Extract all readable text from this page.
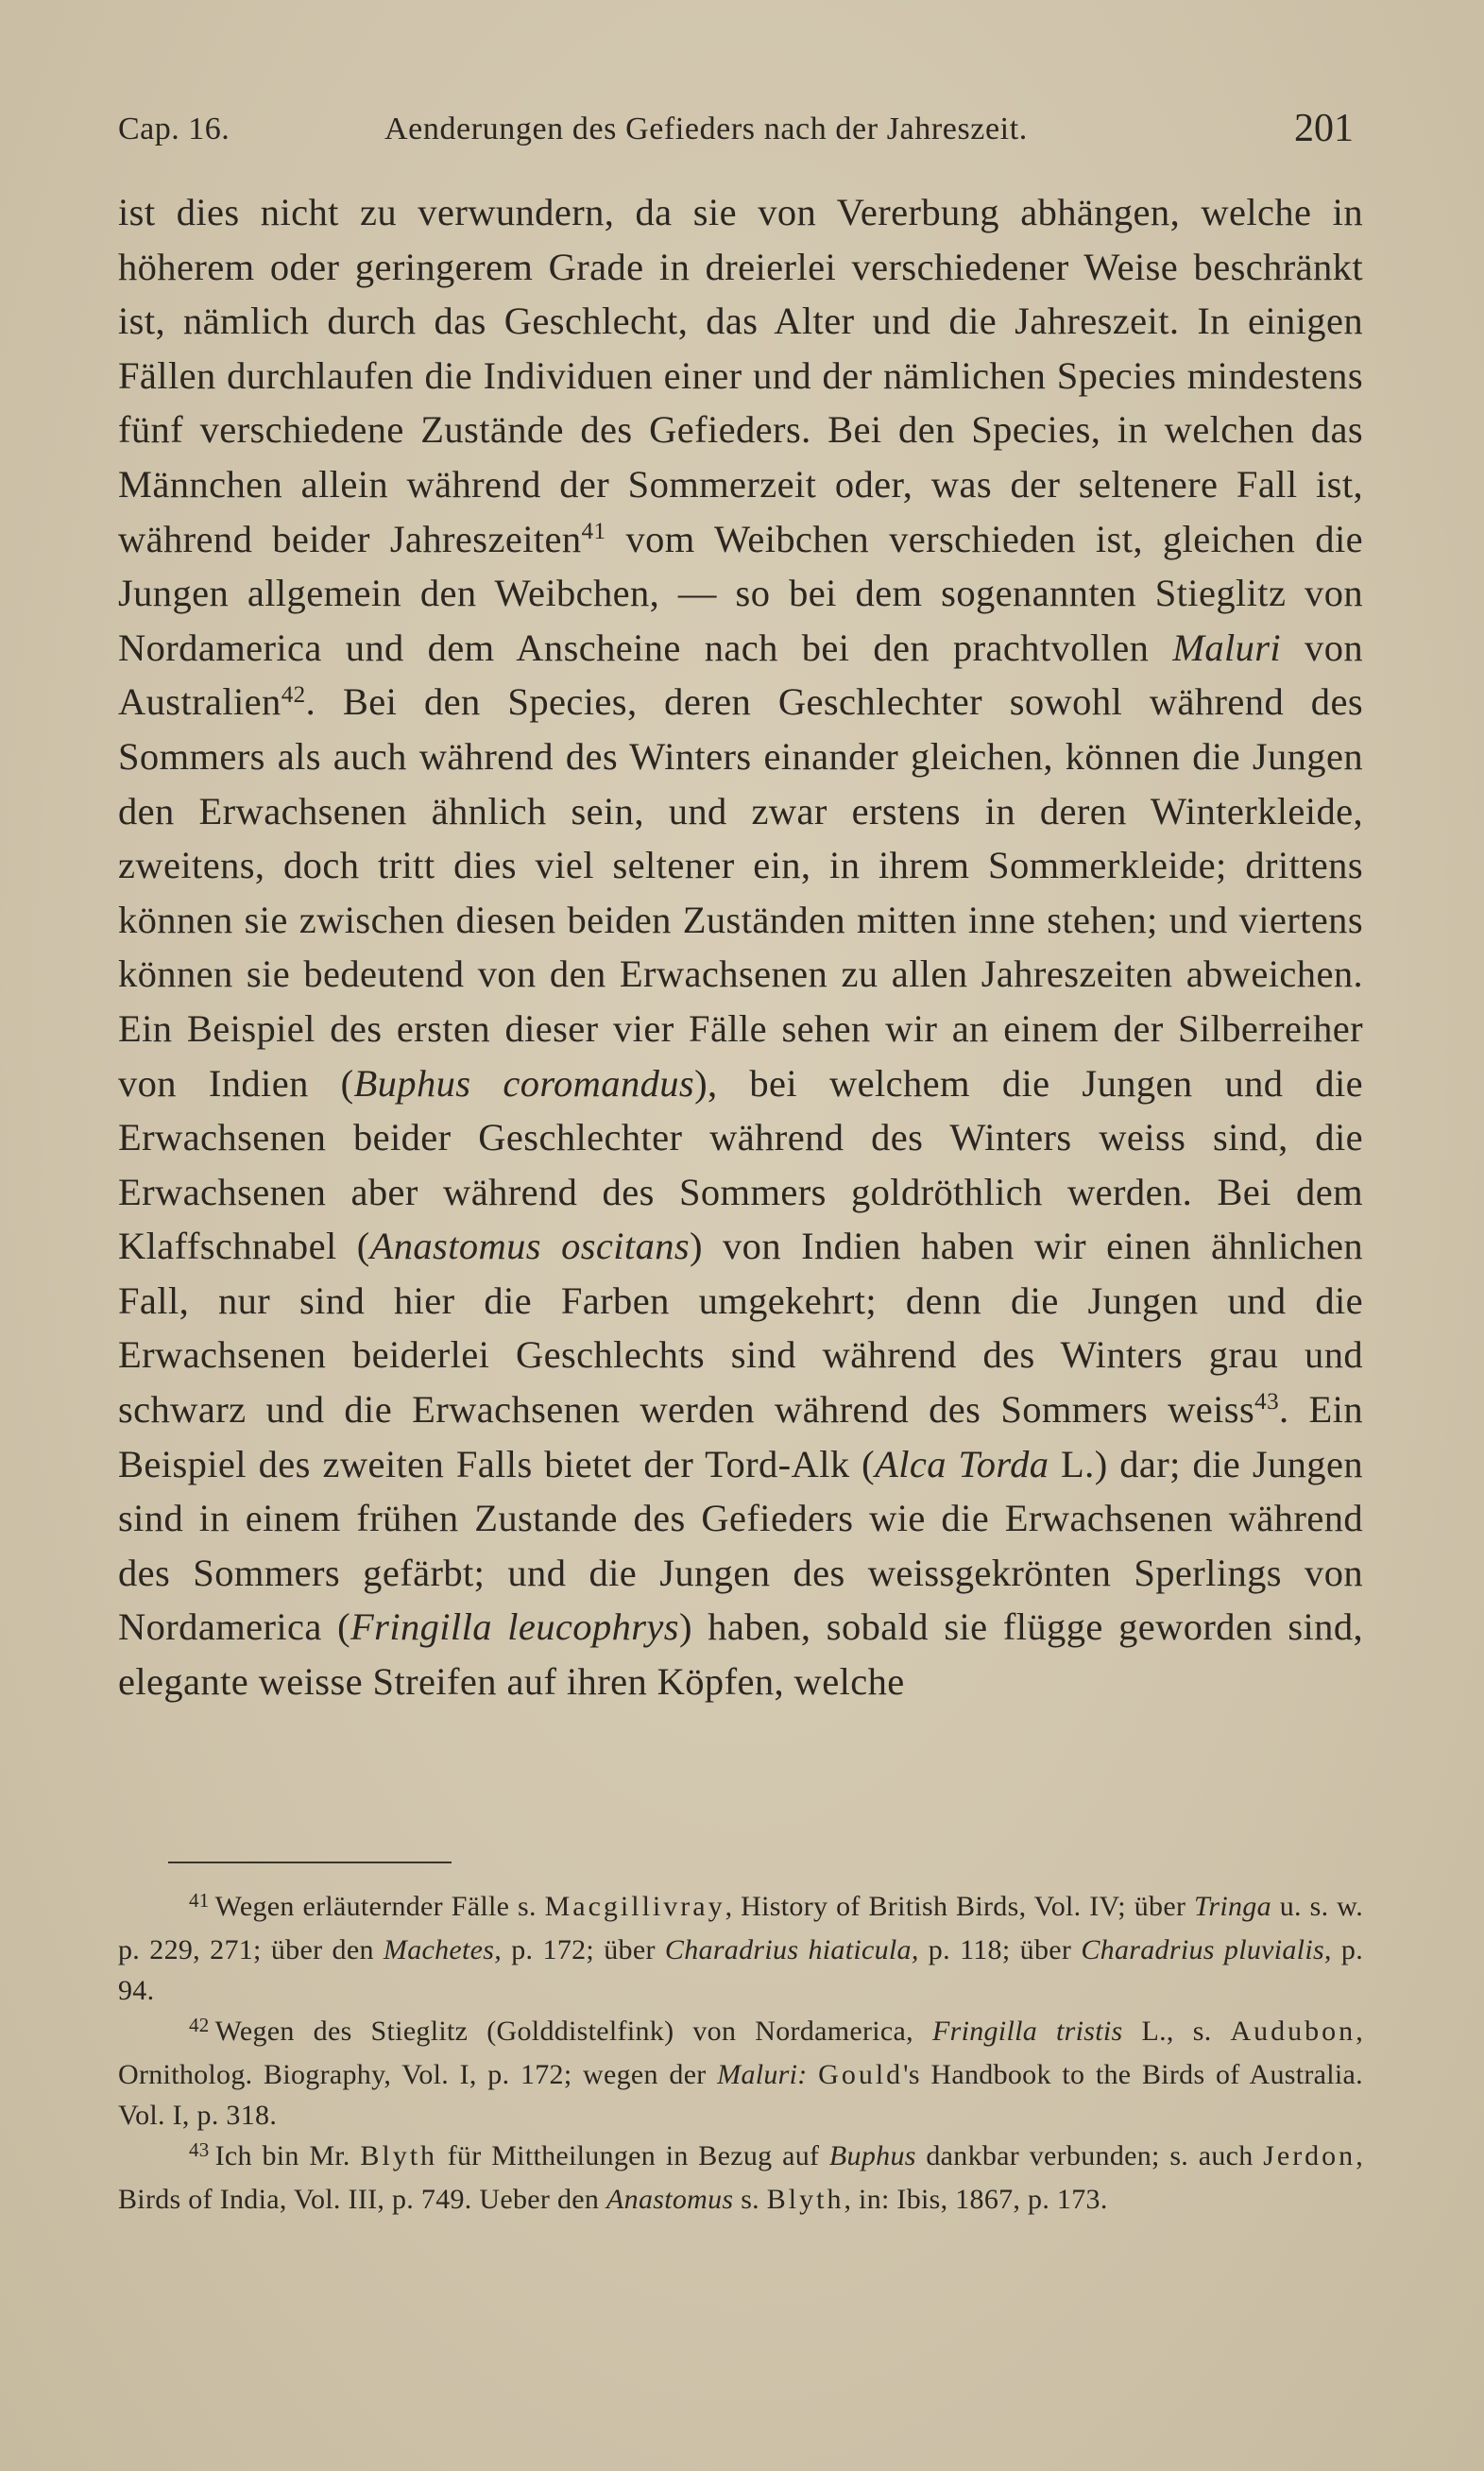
Cap. 16.	Aenderungen des Gefieders nach der Jahreszeit.	201

ist dies nicht zu verwundern, da sie von Vererbung abhängen, welche in höherem oder geringerem Grade in dreierlei verschiedener Weise beschränkt ist, nämlich durch das Geschlecht, das Alter und die Jahreszeit. In einigen Fällen durchlaufen die Individuen einer und der nämlichen Species mindestens fünf verschiedene Zustände des Gefieders. Bei den Species, in welchen das Männchen allein während der Sommerzeit oder, was der seltenere Fall ist, während beider Jahreszeiten$^{41}$ vom Weibchen verschieden ist, gleichen die Jungen allgemein den Weibchen, — so bei dem sogenannten Stieglitz von Nordamerica und dem Anscheine nach bei den prachtvollen Maluri von Australien$^{42}$. Bei den Species, deren Geschlechter sowohl während des Sommers als auch während des Winters einander gleichen, können die Jungen den Erwachsenen ähnlich sein, und zwar erstens in deren Winterkleide, zweitens, doch tritt dies viel seltener ein, in ihrem Sommerkleide; drittens können sie zwischen diesen beiden Zuständen mitten inne stehen; und viertens können sie bedeutend von den Erwachsenen zu allen Jahreszeiten abweichen. Ein Beispiel des ersten dieser vier Fälle sehen wir an einem der Silberreiher von Indien (Buphus coromandus), bei welchem die Jungen und die Erwachsenen beider Geschlechter während des Winters weiss sind, die Erwachsenen aber während des Sommers goldröthlich werden. Bei dem Klaffschnabel (Anastomus oscitans) von Indien haben wir einen ähnlichen Fall, nur sind hier die Farben umgekehrt; denn die Jungen und die Erwachsenen beiderlei Geschlechts sind während des Winters grau und schwarz und die Erwachsenen werden während des Sommers weiss$^{43}$. Ein Beispiel des zweiten Falls bietet der Tord-Alk (Alca Torda L.) dar; die Jungen sind in einem frühen Zustande des Gefieders wie die Erwachsenen während des Sommers gefärbt; und die Jungen des weissgekrönten Sperlings von Nordamerica (Fringilla leucophrys) haben, sobald sie flügge geworden sind, elegante weisse Streifen auf ihren Köpfen, welche

$^{41}$ Wegen erläuternder Fälle s. Macgillivray, History of British Birds, Vol. IV; über Tringa u. s. w. p. 229, 271; über den Machetes, p. 172; über Charadrius hiaticula, p. 118; über Charadrius pluvialis, p. 94.

$^{42}$ Wegen des Stieglitz (Golddistelfink) von Nordamerica, Fringilla tristis L., s. Audubon, Ornitholog. Biography, Vol. I, p. 172; wegen der Maluri: Gould's Handbook to the Birds of Australia. Vol. I, p. 318.

$^{43}$ Ich bin Mr. Blyth für Mittheilungen in Bezug auf Buphus dankbar verbunden; s. auch Jerdon, Birds of India, Vol. III, p. 749. Ueber den Anastomus s. Blyth, in: Ibis, 1867, p. 173.
